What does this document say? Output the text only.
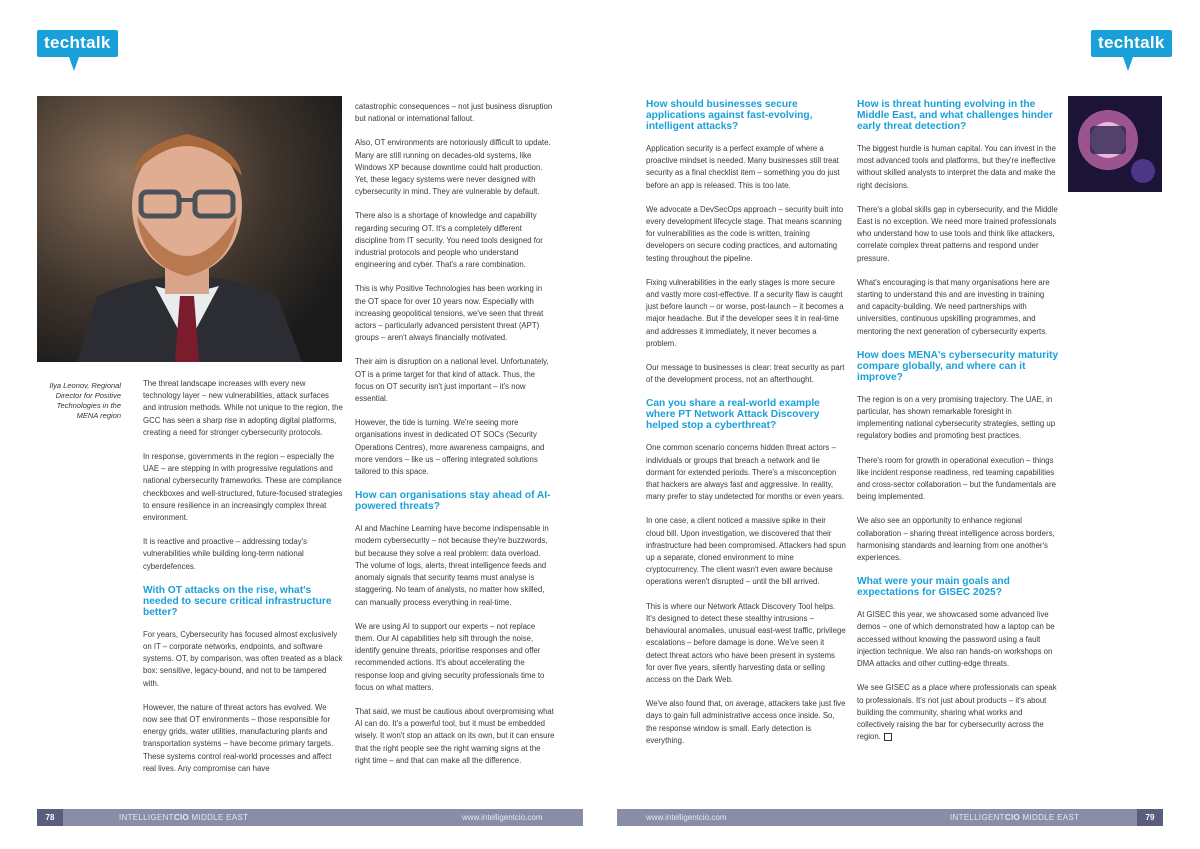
techtalk	techtalk
Ilya Leonov, Regional Director for Positive Technologies in the MENA region

The threat landscape increases with every new technology layer – new vulnerabilities, attack surfaces and intrusion methods. While not unique to the region, the GCC has seen a sharp rise in adopting digital platforms, creating a need for stronger cybersecurity protocols.

In response, governments in the region – especially the UAE – are stepping in with progressive regulations and national cybersecurity frameworks. These are compliance checkboxes and well-structured, future-focused strategies to ensure resilience in an increasingly complex threat environment.

It is reactive and proactive – addressing today's vulnerabilities while building long-term national cyberdefences.

With OT attacks on the rise, what's needed to secure critical infrastructure better?

For years, Cybersecurity has focused almost exclusively on IT – corporate networks, endpoints, and software systems. OT, by comparison, was often treated as a black box: sensitive, legacy-bound, and not to be tampered with.

However, the nature of threat actors has evolved. We now see that OT environments – those responsible for energy grids, water utilities, manufacturing plants and transportation systems – have become primary targets. These systems control real-world processes and affect real lives. Any compromise can have

catastrophic consequences – not just business disruption but national or international fallout.

Also, OT environments are notoriously difficult to update. Many are still running on decades-old systems, like Windows XP because downtime could halt production. Yet, these legacy systems were never designed with cybersecurity in mind. They are vulnerable by default.

There also is a shortage of knowledge and capability regarding securing OT. It's a completely different discipline from IT security. You need tools designed for industrial protocols and people who understand engineering and cyber. That's a rare combination.

This is why Positive Technologies has been working in the OT space for over 10 years now. Especially with increasing geopolitical tensions, we've seen that threat actors – particularly advanced persistent threat (APT) groups – aren't always financially motivated.

Their aim is disruption on a national level. Unfortunately, OT is a prime target for that kind of attack. Thus, the focus on OT security isn't just important – it's now essential.

However, the tide is turning. We're seeing more organisations invest in dedicated OT SOCs (Security Operations Centres), more awareness campaigns, and more vendors – like us – offering integrated solutions tailored to this space.

How can organisations stay ahead of AI-powered threats?

AI and Machine Learning have become indispensable in modern cybersecurity – not because they're buzzwords, but because they solve a real problem: data overload. The volume of logs, alerts, threat intelligence feeds and anomaly signals that security teams must analyse is staggering. No team of analysts, no matter how skilled, can manually process everything in real-time.

We are using AI to support our experts – not replace them. Our AI capabilities help sift through the noise, identify genuine threats, prioritise responses and offer recommended actions. It's about accelerating the response loop and giving security professionals time to focus on what matters.

That said, we must be cautious about overpromising what AI can do. It's a powerful tool, but it must be embedded wisely. It won't stop an attack on its own, but it can ensure that the right people see the right warning signs at the right time – and that can make all the difference.

How should businesses secure applications against fast-evolving, intelligent attacks?

Application security is a perfect example of where a proactive mindset is needed. Many businesses still treat security as a final checklist item – something you do just before an app is released. This is too late.

We advocate a DevSecOps approach – security built into every development lifecycle stage. That means scanning for vulnerabilities as the code is written, training developers on secure coding practices, and automating testing throughout the pipeline.

Fixing vulnerabilities in the early stages is more secure and vastly more cost-effective. If a security flaw is caught just before launch – or worse, post-launch – it becomes a major headache. But if the developer sees it in real-time and addresses it immediately, it never becomes a problem.

Our message to businesses is clear: treat security as part of the development process, not an afterthought.

Can you share a real-world example where PT Network Attack Discovery helped stop a cyberthreat?

One common scenario concerns hidden threat actors – individuals or groups that breach a network and lie dormant for extended periods. There's a misconception that hackers are always fast and aggressive. In reality, many prefer to stay undetected for months or even years.

In one case, a client noticed a massive spike in their cloud bill. Upon investigation, we discovered that their infrastructure had been compromised. Attackers had spun up a separate, cloned environment to mine cryptocurrency. The client wasn't even aware because operations weren't disrupted – until the bill arrived.

This is where our Network Attack Discovery Tool helps. It's designed to detect these stealthy intrusions – behavioural anomalies, unusual east-west traffic, privilege escalations – before damage is done. We've seen it detect threat actors who have been present in systems for over five years, silently harvesting data or selling access on the Dark Web.

We've also found that, on average, attackers take just five days to gain full administrative access once inside. So, the response window is small. Early detection is everything.

How is threat hunting evolving in the Middle East, and what challenges hinder early threat detection?

The biggest hurdle is human capital. You can invest in the most advanced tools and platforms, but they're ineffective without skilled analysts to interpret the data and make the right decisions.

There's a global skills gap in cybersecurity, and the Middle East is no exception. We need more trained professionals who understand how to use tools and think like attackers, correlate complex threat patterns and respond under pressure.

What's encouraging is that many organisations here are starting to understand this and are investing in training and capacity-building. We need partnerships with universities, continuous upskilling programmes, and mentoring the next generation of cybersecurity experts.

How does MENA's cybersecurity maturity compare globally, and where can it improve?

The region is on a very promising trajectory. The UAE, in particular, has shown remarkable foresight in implementing national cybersecurity strategies, setting up regulatory bodies and promoting best practices.

There's room for growth in operational execution – things like incident response readiness, red teaming capabilities and cross-sector collaboration – but the fundamentals are being implemented.

We also see an opportunity to enhance regional collaboration – sharing threat intelligence across borders, harmonising standards and learning from one another's experiences.

What were your main goals and expectations for GISEC 2025?

At GISEC this year, we showcased some advanced live demos – one of which demonstrated how a laptop can be accessed without knowing the password using a fault injection technique. We also ran hands-on workshops on DMA attacks and other cutting-edge threats.

We see GISEC as a place where professionals can speak to professionals. It's not just about products – it's about building the community, sharing what works and collectively raising the bar for cybersecurity across the region.

78	INTELLIGENTCIO MIDDLE EAST	www.intelligentcio.com	www.intelligentcio.com	INTELLIGENTCIO MIDDLE EAST	79
